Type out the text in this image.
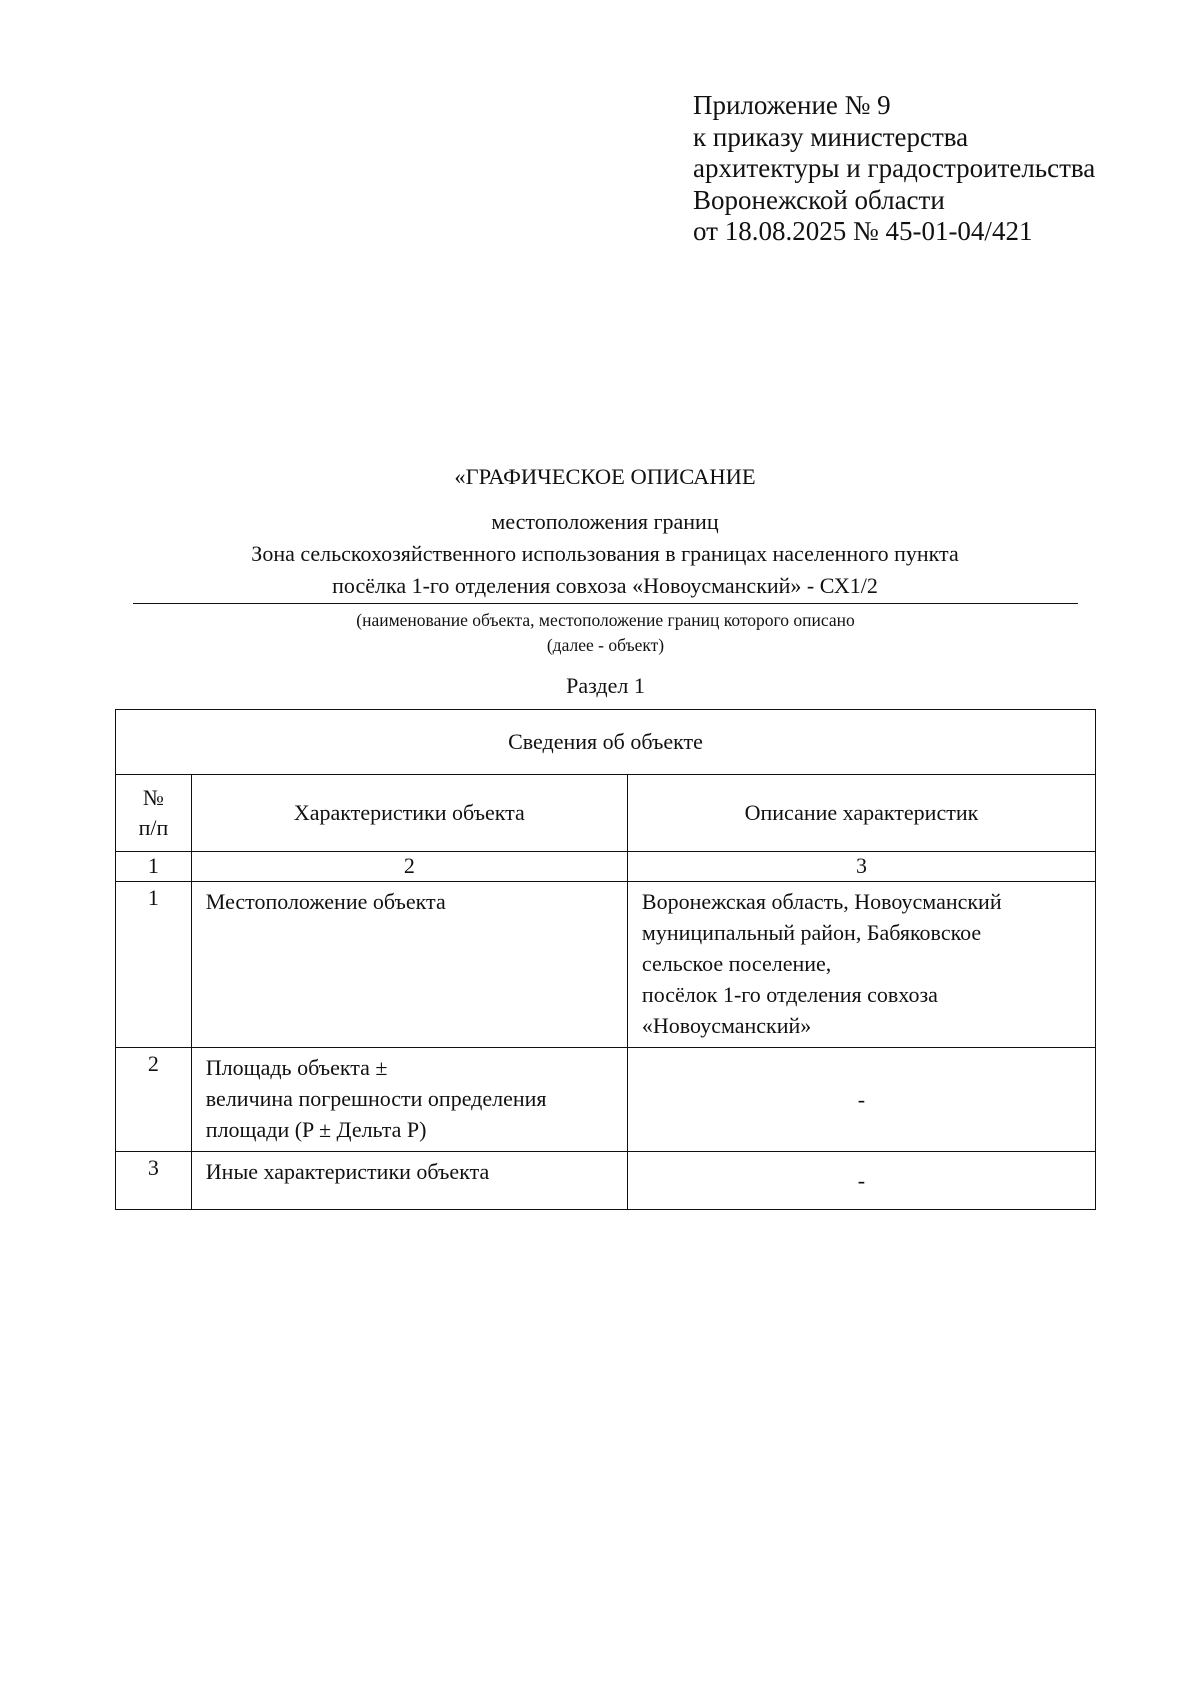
Приложение № 9
к приказу министерства
архитектуры и градостроительства
Воронежской области
от 18.08.2025 № 45-01-04/421
«ГРАФИЧЕСКОЕ ОПИСАНИЕ
местоположения границ
Зона сельскохозяйственного использования в границах населенного пункта
посёлка 1-го отделения совхоза «Новоусманский» - СХ1/2
(наименование объекта, местоположение границ которого описано
(далее - объект)
Раздел 1
Сведения об объекте		

№
п/п	Характеристики объекта	Описание характеристик
1	2	3
1	Местоположение объекта	Воронежская область, Новоусманский
муниципальный район, Бабяковское
сельское поселение,
посёлок 1-го отделения совхоза
«Новоусманский»

2	Площадь объекта ±
величина погрешности определения
площади (P ± Дельта P)	-
3	Иные характеристики объекта	-
